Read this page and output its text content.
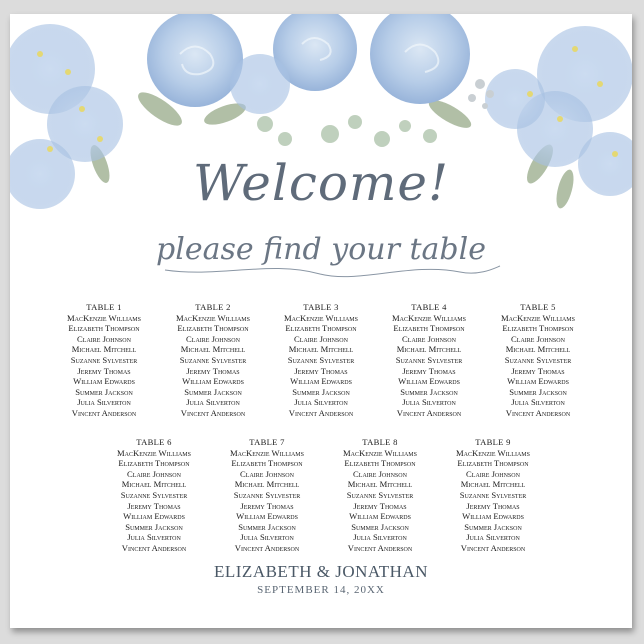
Welcome!
please find your table
TABLE 1
MacKenzie Williams
Elizabeth Thompson
Claire Johnson
Michael Mitchell
Suzanne Sylvester
Jeremy Thomas
William Edwards
Summer Jackson
Julia Silverton
Vincent Anderson
TABLE 2
MacKenzie Williams
Elizabeth Thompson
Claire Johnson
Michael Mitchell
Suzanne Sylvester
Jeremy Thomas
William Edwards
Summer Jackson
Julia Silverton
Vincent Anderson
TABLE 3
MacKenzie Williams
Elizabeth Thompson
Claire Johnson
Michael Mitchell
Suzanne Sylvester
Jeremy Thomas
William Edwards
Summer Jackson
Julia Silverton
Vincent Anderson
TABLE 4
MacKenzie Williams
Elizabeth Thompson
Claire Johnson
Michael Mitchell
Suzanne Sylvester
Jeremy Thomas
William Edwards
Summer Jackson
Julia Silverton
Vincent Anderson
TABLE 5
MacKenzie Williams
Elizabeth Thompson
Claire Johnson
Michael Mitchell
Suzanne Sylvester
Jeremy Thomas
William Edwards
Summer Jackson
Julia Silverton
Vincent Anderson
TABLE 6
MacKenzie Williams
Elizabeth Thompson
Claire Johnson
Michael Mitchell
Suzanne Sylvester
Jeremy Thomas
William Edwards
Summer Jackson
Julia Silverton
Vincent Anderson
TABLE 7
MacKenzie Williams
Elizabeth Thompson
Claire Johnson
Michael Mitchell
Suzanne Sylvester
Jeremy Thomas
William Edwards
Summer Jackson
Julia Silverton
Vincent Anderson
TABLE 8
MacKenzie Williams
Elizabeth Thompson
Claire Johnson
Michael Mitchell
Suzanne Sylvester
Jeremy Thomas
William Edwards
Summer Jackson
Julia Silverton
Vincent Anderson
TABLE 9
MacKenzie Williams
Elizabeth Thompson
Claire Johnson
Michael Mitchell
Suzanne Sylvester
Jeremy Thomas
William Edwards
Summer Jackson
Julia Silverton
Vincent Anderson
ELIZABETH & JONATHAN
SEPTEMBER 14, 20XX
